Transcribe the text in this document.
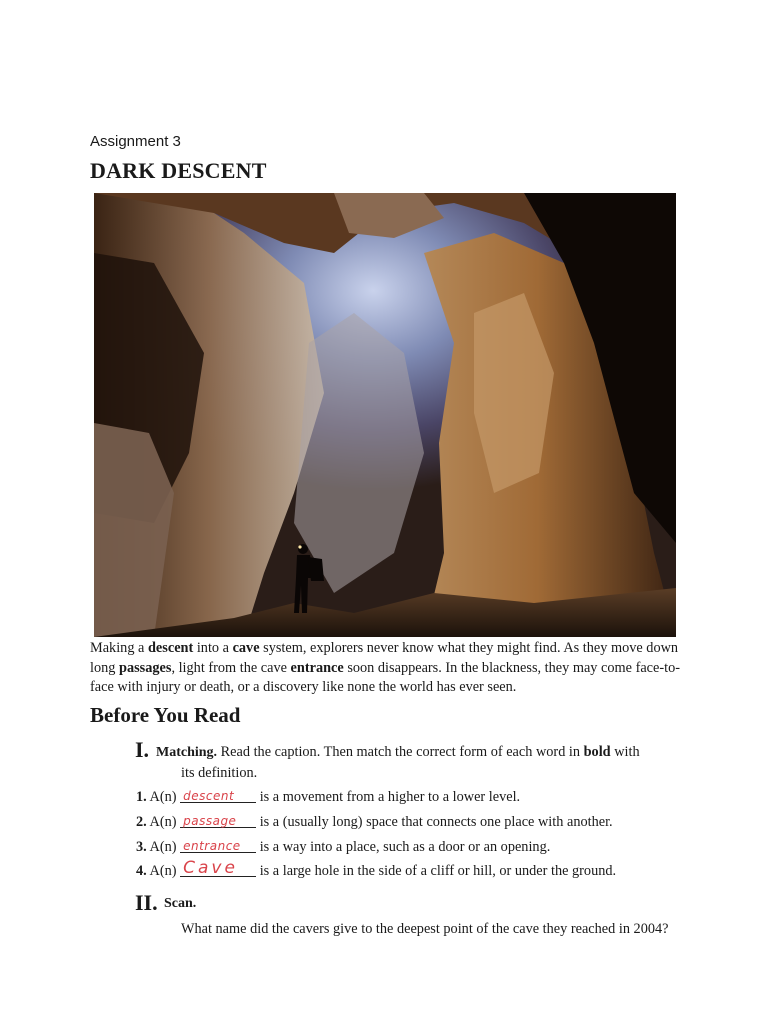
Assignment 3
DARK DESCENT
Making a descent into a cave system, explorers never know what they might find. As they move down long passages, light from the cave entrance soon disappears. In the blackness, they may come face-to-face with injury or death, or a discovery like none the world has ever seen.
Before You Read
I. Matching. Read the caption. Then match the correct form of each word in bold with
its definition.
1. A(n) descent is a movement from a higher to a lower level.
2. A(n) passage is a (usually long) space that connects one place with another.
3. A(n) entrance is a way into a place, such as a door or an opening.
4. A(n) Cave is a large hole in the side of a cliff or hill, or under the ground.
II. Scan.
What name did the cavers give to the deepest point of the cave they reached in 2004?
